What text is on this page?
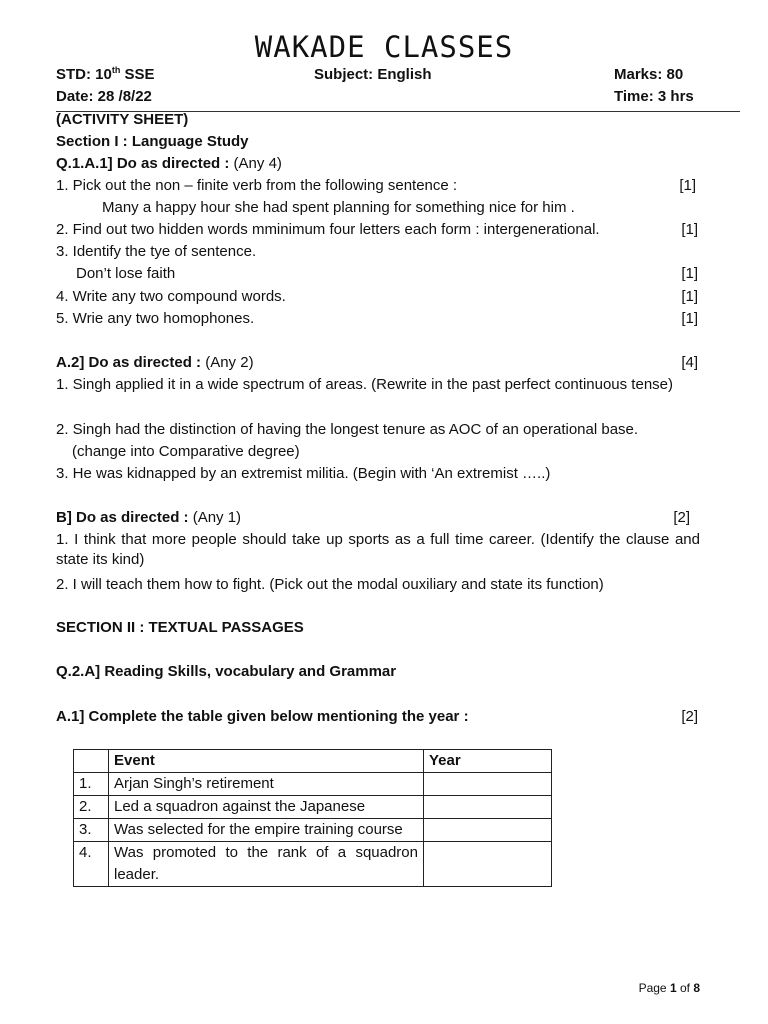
WAKADE CLASSES
STD: 10th SSE	Subject: English	Marks: 80
Date: 28 /8/22	Time: 3 hrs
(ACTIVITY SHEET)
Section I : Language Study
Q.1.A.1] Do as directed : (Any 4)
1. Pick out the non – finite verb from the following sentence :	[1]
Many a happy hour she had spent planning for something nice for him .
2. Find out two hidden words mminimum four letters each form : intergenerational.	[1]
3. Identify the tye of sentence.
Don’t lose faith	[1]
4. Write any two compound words.	[1]
5. Wrie any two homophones.	[1]
A.2] Do as directed : (Any 2)	[4]
1. Singh applied it in a wide spectrum of areas. (Rewrite in the past perfect continuous tense)
2. Singh had the distinction of having the longest tenure as AOC of an operational base.
(change into Comparative degree)
3. He was kidnapped by an extremist militia. (Begin with ‘An extremist …..)
B] Do as directed : (Any 1)	[2]
1. I think that more people should take up sports as a full time career. (Identify the clause and state its kind)
2. I will teach them how to fight. (Pick out the modal ouxiliary and state its function)
SECTION II : TEXTUAL PASSAGES
Q.2.A] Reading Skills, vocabulary and Grammar
A.1] Complete the table given below mentioning the year :	[2]
	Event	Year
1.	Arjan Singh’s retirement	
2.	Led a squadron against the Japanese	
3.	Was selected for the empire training course	
4.	Was promoted to the rank of a squadron leader.	
Page 1 of 8
